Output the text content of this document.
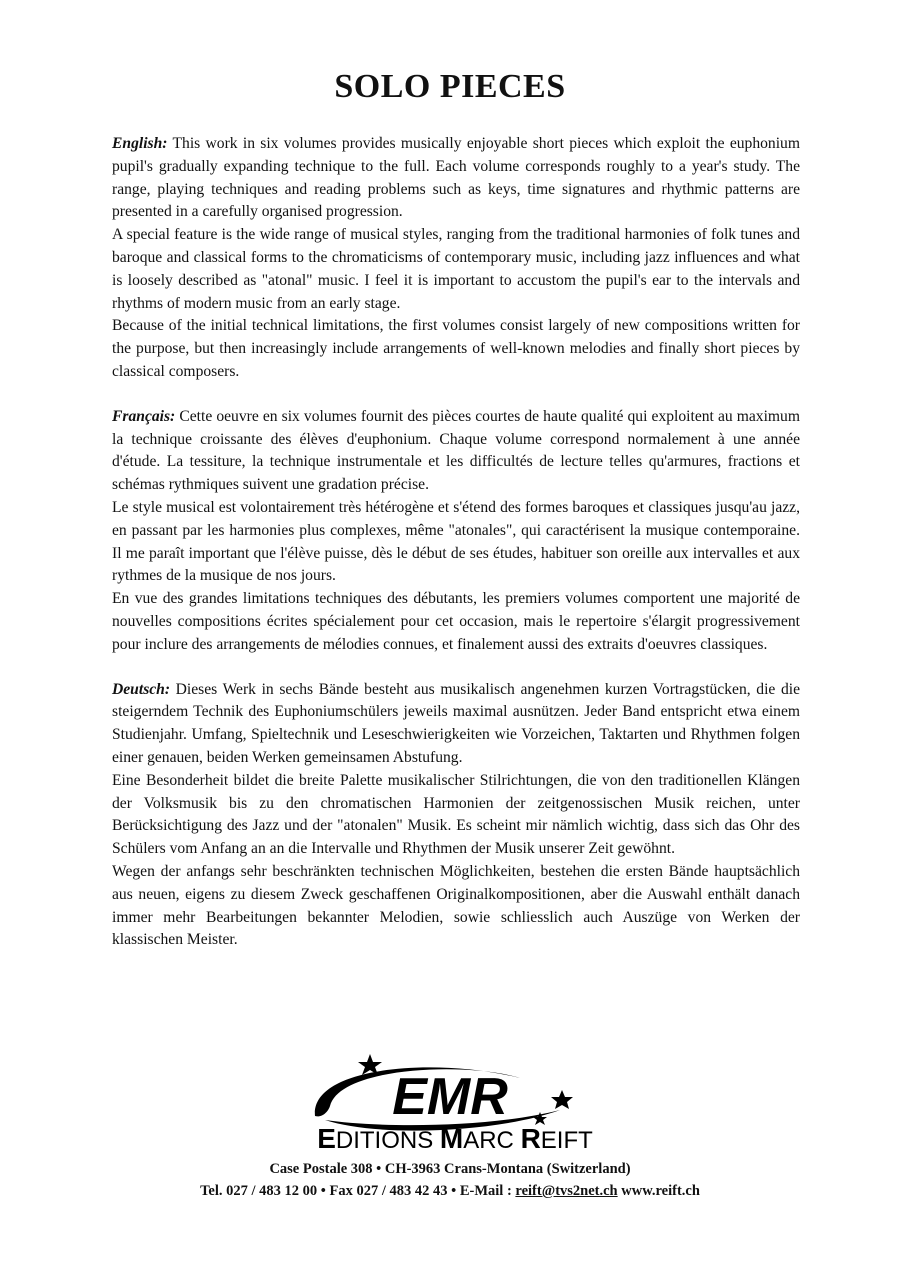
SOLO PIECES

English: This work in six volumes provides musically enjoyable short pieces which exploit the euphonium pupil's gradually expanding technique to the full. Each volume corresponds roughly to a year's study. The range, playing techniques and reading problems such as keys, time signatures and rhythmic patterns are presented in a carefully organised progression.

A special feature is the wide range of musical styles, ranging from the traditional harmonies of folk tunes and baroque and classical forms to the chromaticisms of contemporary music, including jazz influences and what is loosely described as "atonal" music. I feel it is important to accustom the pupil's ear to the intervals and rhythms of modern music from an early stage.

Because of the initial technical limitations, the first volumes consist largely of new compositions written for the purpose, but then increasingly include arrangements of well-known melodies and finally short pieces by classical composers.

Français: Cette oeuvre en six volumes fournit des pièces courtes de haute qualité qui exploitent au maximum la technique croissante des élèves d'euphonium. Chaque volume correspond normalement à une année d'étude. La tessiture, la technique instrumentale et les difficultés de lecture telles qu'armures, fractions et schémas rythmiques suivent une gradation précise.

Le style musical est volontairement très hétérogène et s'étend des formes baroques et classiques jusqu'au jazz, en passant par les harmonies plus complexes, même "atonales", qui caractérisent la musique contemporaine. Il me paraît important que l'élève puisse, dès le début de ses études, habituer son oreille aux intervalles et aux rythmes de la musique de nos jours.

En vue des grandes limitations techniques des débutants, les premiers volumes comportent une majorité de nouvelles compositions écrites spécialement pour cet occasion, mais le repertoire s'élargit progressivement pour inclure des arrangements de mélodies connues, et finalement aussi des extraits d'oeuvres classiques.

Deutsch: Dieses Werk in sechs Bände besteht aus musikalisch angenehmen kurzen Vortragstücken, die die steigerndem Technik des Euphoniumschülers jeweils maximal ausnützen. Jeder Band entspricht etwa einem Studienjahr. Umfang, Spieltechnik und Leseschwierigkeiten wie Vorzeichen, Taktarten und Rhythmen folgen einer genauen, beiden Werken gemeinsamen Abstufung.

Eine Besonderheit bildet die breite Palette musikalischer Stilrichtungen, die von den traditionellen Klängen der Volksmusik bis zu den chromatischen Harmonien der zeitgenossischen Musik reichen, unter Berücksichtigung des Jazz und der "atonalen" Musik. Es scheint mir nämlich wichtig, dass sich das Ohr des Schülers vom Anfang an an die Intervalle und Rhythmen der Musik unserer Zeit gewöhnt.

Wegen der anfangs sehr beschränkten technischen Möglichkeiten, bestehen die ersten Bände hauptsächlich aus neuen, eigens zu diesem Zweck geschaffenen Originalkompositionen, aber die Auswahl enthält danach immer mehr Bearbeitungen bekannter Melodien, sowie schliesslich auch Auszüge von Werken der klassischen Meister.

EMR
EDITIONS MARC REIFT
Case Postale 308 • CH-3963 Crans-Montana (Switzerland)
Tel. 027 / 483 12 00 • Fax 027 / 483 42 43 • E-Mail : reift@tvs2net.ch www.reift.ch
